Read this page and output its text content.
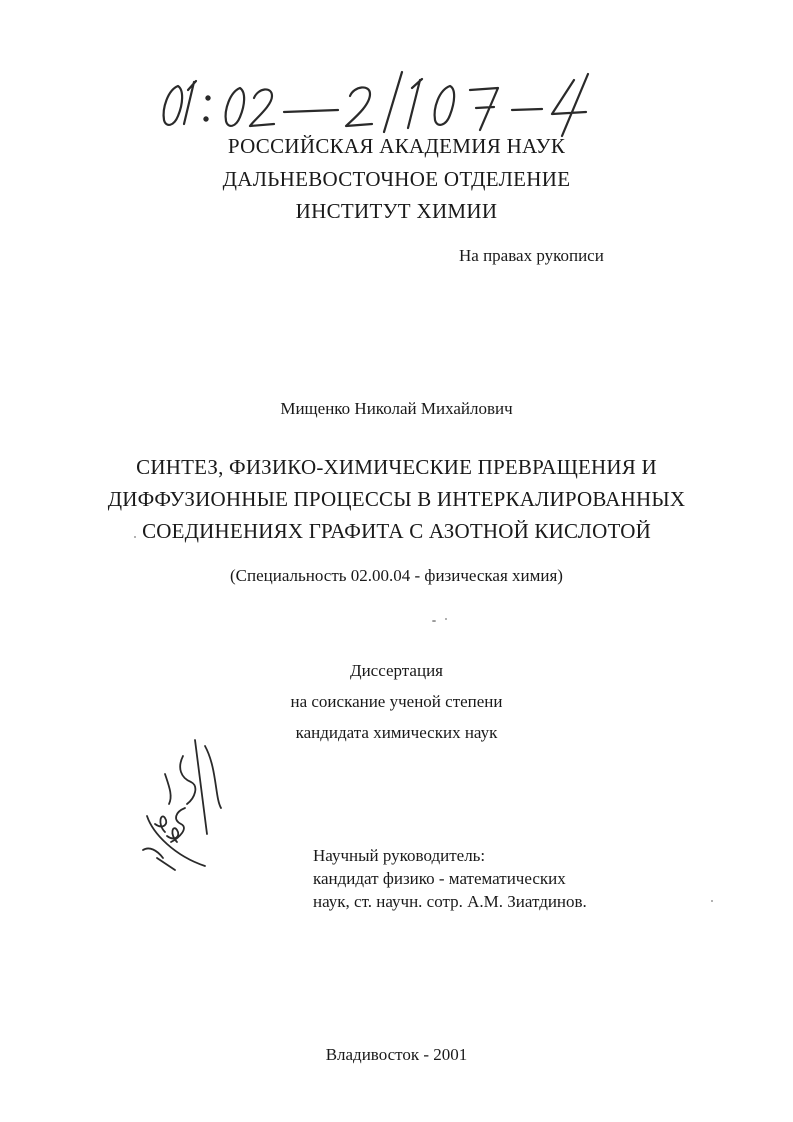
РОССИЙСКАЯ АКАДЕМИЯ НАУК
ДАЛЬНЕВОСТОЧНОЕ ОТДЕЛЕНИЕ
ИНСТИТУТ ХИМИИ
На правах рукописи
Мищенко Николай Михайлович
СИНТЕЗ, ФИЗИКО-ХИМИЧЕСКИЕ ПРЕВРАЩЕНИЯ И
ДИФФУЗИОННЫЕ ПРОЦЕССЫ В ИНТЕРКАЛИРОВАННЫХ
СОЕДИНЕНИЯХ ГРАФИТА С АЗОТНОЙ КИСЛОТОЙ
(Специальность 02.00.04 - физическая химия)
Диссертация
на соискание ученой степени
кандидата химических наук
Научный руководитель:
кандидат физико - математических
наук, ст. научн. сотр. А.М. Зиатдинов.
Владивосток - 2001
